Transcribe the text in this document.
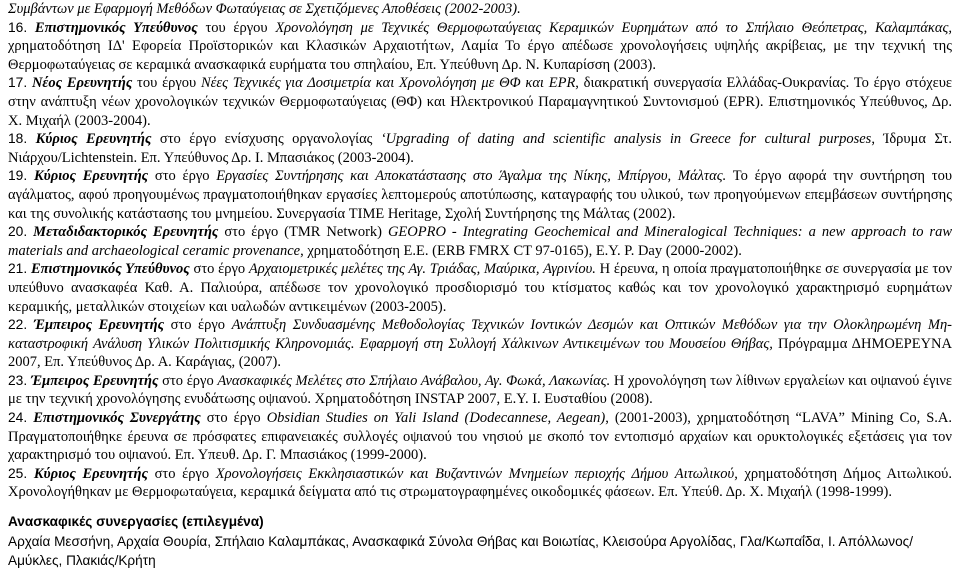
Συμβάντων με Εφαρμογή Μεθόδων Φωταύγειας σε Σχετιζόμενες Αποθέσεις (2002-2003).

16. Επιστημονικός Υπεύθυνος του έργου Χρονολόγηση με Τεχνικές Θερμοφωταύγειας Κεραμικών Ευρημάτων από το Σπήλαιο Θεόπετρας, Καλαμπάκας, χρηματοδότηση ΙΔ' Εφορεία Προϊστορικών και Κλασικών Αρχαιοτήτων, Λαμία Το έργο απέδωσε χρονολογήσεις υψηλής ακρίβειας, με την τεχνική της Θερμοφωταύγειας σε κεραμικά ανασκαφικά ευρήματα του σπηλαίου, Επ. Υπεύθυνη Δρ. Ν. Κυπαρίσση (2003).

17. Νέος Ερευνητής του έργου Νέες Τεχνικές για Δοσιμετρία και Χρονολόγηση με ΘΦ και EPR, διακρατική συνεργασία Ελλάδας-Ουκρανίας. Το έργο στόχευε στην ανάπτυξη νέων χρονολογικών τεχνικών Θερμοφωταύγειας (ΘΦ) και Ηλεκτρονικού Παραμαγνητικού Συντονισμού (EPR). Επιστημονικός Υπεύθυνος, Δρ. Χ. Μιχαήλ (2003-2004).

18. Κύριος Ερευνητής στο έργο ενίσχυσης οργανολογίας ‘Upgrading of dating and scientific analysis in Greece for cultural purposes, Ίδρυμα Στ. Νιάρχου/Lichtenstein. Επ. Υπεύθυνος Δρ. Ι. Μπασιάκος (2003-2004).

19. Κύριος Ερευνητής στο έργο Εργασίες Συντήρησης και Αποκατάστασης στο Άγαλμα της Νίκης, Μπίργου, Μάλτας. Το έργο αφορά την συντήρηση του αγάλματος, αφού προηγουμένως πραγματοποιήθηκαν εργασίες λεπτομερούς αποτύπωσης, καταγραφής του υλικού, των προηγούμενων επεμβάσεων συντήρησης και της συνολικής κατάστασης του μνημείου. Συνεργασία TIME Heritage, Σχολή Συντήρησης της Μάλτας (2002).

20. Μεταδιδακτορικός Ερευνητής στο έργο (TMR Network) GEOPRO - Integrating Geochemical and Mineralogical Techniques: a new approach to raw materials and archaeological ceramic provenance, χρηματοδότηση Ε.Ε. (ERB FMRX CT 97-0165), Ε.Υ. Ρ. Day (2000-2002).

21. Επιστημονικός Υπεύθυνος στο έργο Αρχαιομετρικές μελέτες της Αγ. Τριάδας, Μαύρικα, Αγρινίου. Η έρευνα, η οποία πραγματοποιήθηκε σε συνεργασία με τον υπεύθυνο ανασκαφέα Καθ. Α. Παλιούρα, απέδωσε τον χρονολογικό προσδιορισμό του κτίσματος καθώς και τον χρονολογικό χαρακτηρισμό ευρημάτων κεραμικής, μεταλλικών στοιχείων και υαλωδών αντικειμένων (2003-2005).

22. Έμπειρος Ερευνητής στο έργο Ανάπτυξη Συνδυασμένης Μεθοδολογίας Τεχνικών Ιοντικών Δεσμών και Οπτικών Μεθόδων για την Ολοκληρωμένη Μη-καταστροφική Ανάλυση Υλικών Πολιτισμικής Κληρονομιάς. Εφαρμογή στη Συλλογή Χάλκινων Αντικειμένων του Μουσείου Θήβας, Πρόγραμμα ΔΗΜΟΕΡΕΥΝΑ 2007, Επ. Υπεύθυνος Δρ. Α. Καράγιας, (2007).

23. Έμπειρος Ερευνητής στο έργο Ανασκαφικές Μελέτες στο Σπήλαιο Ανάβαλου, Αγ. Φωκά, Λακωνίας. Η χρονολόγηση των λίθινων εργαλείων και οψιανού έγινε με την τεχνική χρονολόγησης ενυδάτωσης οψιανού. Χρηματοδότηση INSTAP 2007, Ε.Υ. Ι. Ευσταθίου (2008).

24. Επιστημονικός Συνεργάτης στο έργο Obsidian Studies on Yali Island (Dodecannese, Aegean), (2001-2003), χρηματοδότηση “LAVA” Mining Co, S.A. Πραγματοποιήθηκε έρευνα σε πρόσφατες επιφανειακές συλλογές οψιανού του νησιού με σκοπό τον εντοπισμό αρχαίων και ορυκτολογικές εξετάσεις για τον χαρακτηρισμό του οψιανού. Επ. Υπευθ. Δρ. Γ. Μπασιάκος (1999-2000).

25. Κύριος Ερευνητής στο έργο Χρονολογήσεις Εκκλησιαστικών και Βυζαντινών Μνημείων περιοχής Δήμου Αιτωλικού, χρηματοδότηση Δήμος Αιτωλικού. Χρονολογήθηκαν με Θερμοφωταύγεια, κεραμικά δείγματα από τις στρωματογραφημένες οικοδομικές φάσεων. Επ. Υπεύθ. Δρ. Χ. Μιχαήλ (1998-1999).

Ανασκαφικές συνεργασίες (επιλεγμένα)

Αρχαία Μεσσήνη, Αρχαία Θουρία, Σπήλαιο Καλαμπάκας, Ανασκαφικά Σύνολα Θήβας και Βοιωτίας, Κλεισούρα Αργολίδας, Γλα/Κωπαΐδα, Ι. Απόλλωνος/Αμύκλες, Πλακιάς/Κρήτη
